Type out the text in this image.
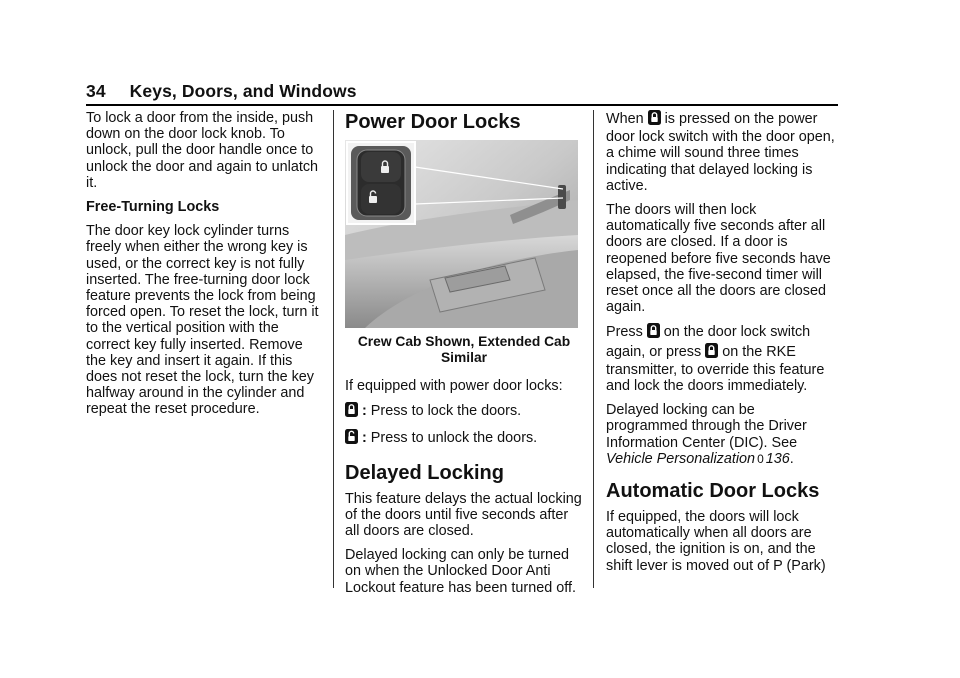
34 Keys, Doors, and Windows

To lock a door from the inside, push down on the door lock knob. To unlock, pull the door handle once to unlock the door and again to unlatch it.

Free-Turning Locks

The door key lock cylinder turns freely when either the wrong key is used, or the correct key is not fully inserted. The free-turning door lock feature prevents the lock from being forced open. To reset the lock, turn it to the vertical position with the correct key fully inserted. Remove the key and insert it again. If this does not reset the lock, turn the key halfway around in the cylinder and repeat the reset procedure.

Power Door Locks
Crew Cab Shown, Extended Cab Similar

If equipped with power door locks:

: Press to lock the doors.

: Press to unlock the doors.

Delayed Locking

This feature delays the actual locking of the doors until five seconds after all doors are closed.

Delayed locking can only be turned on when the Unlocked Door Anti Lockout feature has been turned off.

When is pressed on the power door lock switch with the door open, a chime will sound three times indicating that delayed locking is active.

The doors will then lock automatically five seconds after all doors are closed. If a door is reopened before five seconds have elapsed, the five-second timer will reset once all the doors are closed again.

Press on the door lock switch again, or press on the RKE transmitter, to override this feature and lock the doors immediately.

Delayed locking can be programmed through the Driver Information Center (DIC). See Vehicle Personalization 0 136.

Automatic Door Locks

If equipped, the doors will lock automatically when all doors are closed, the ignition is on, and the shift lever is moved out of P (Park)
